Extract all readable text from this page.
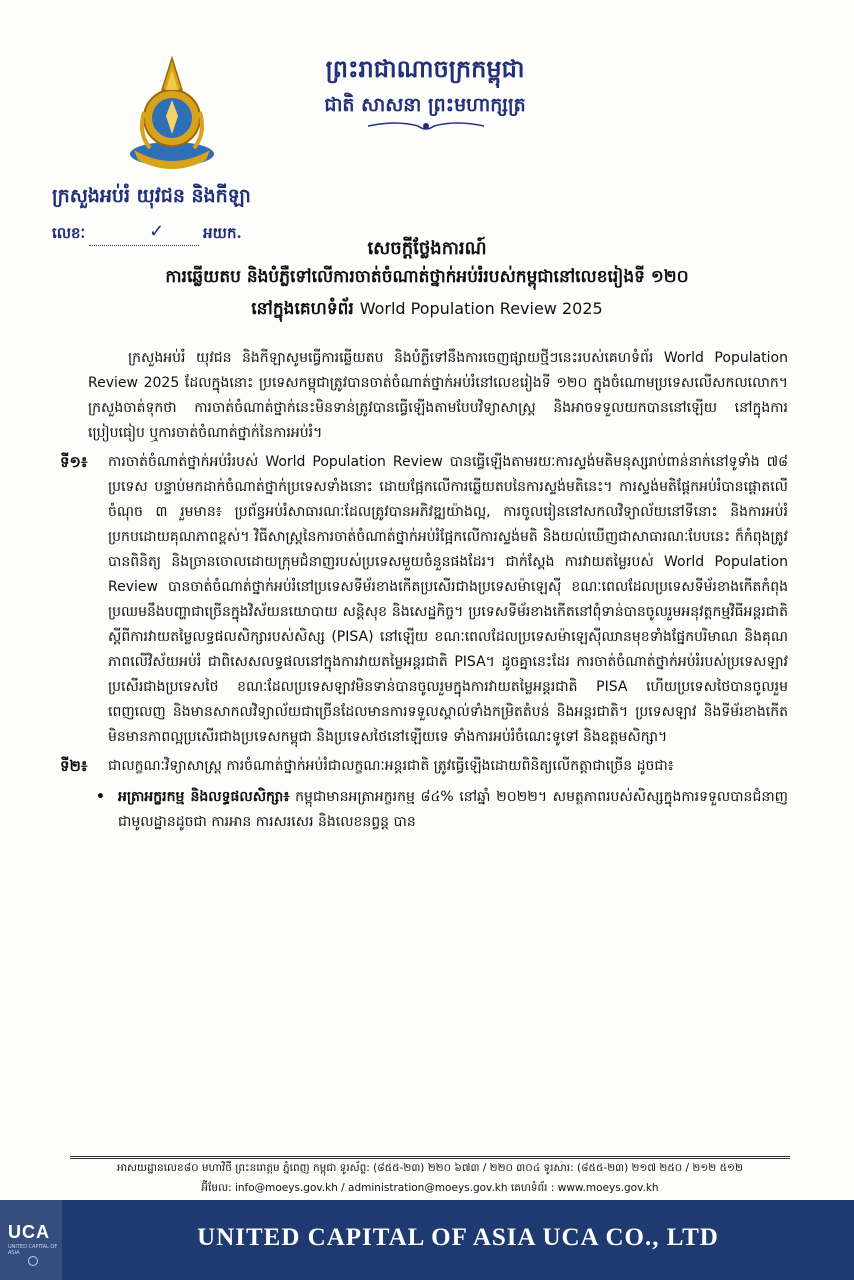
ព្រះរាជាណាចក្រកម្ពុជា
ជាតិ សាសនា ព្រះមហាក្សត្រ
ក្រសួងអប់រំ យុវជន និងកីឡា
លេខៈ	✓	អយក.
សេចក្ដីថ្លែងការណ៍
ការឆ្លើយតប និងបំភ្លឺទៅលើការចាត់ចំណាត់ថ្នាក់អប់រំរបស់កម្ពុជានៅលេខរៀងទី ១២០
នៅក្នុងគេហទំព័រ World Population Review 2025

ក្រសួងអប់រំ យុវជន និងកីឡាសូមធ្វើការឆ្លើយតប និងបំភ្លឺទៅនឹងការចេញផ្សាយថ្មីៗនេះរបស់គេហទំព័រ World Population Review 2025 ដែលក្នុងនោះ ប្រទេសកម្ពុជាត្រូវបានចាត់ចំណាត់ថ្នាក់អប់រំនៅលេខរៀងទី ១២០ ក្នុងចំណោមប្រទេសលើសកលលោក។ ក្រសួងចាត់ទុកថា ការចាត់ចំណាត់ថ្នាក់នេះមិនទាន់ត្រូវបានធ្វើឡើងតាមបែបវិទ្យាសាស្ត្រ និងអាចទទួលយកបាននៅឡើយ នៅក្នុងការប្រៀបធៀប ឬការចាត់ចំណាត់ថ្នាក់នៃការអប់រំ។

ទី១៖ ការចាត់ចំណាត់ថ្នាក់អប់រំរបស់ World Population Review បានធ្វើឡើងតាមរយៈការស្ទង់មតិមនុស្សរាប់ពាន់នាក់នៅទូទាំង ៧៨ ប្រទេស បន្ទាប់មកដាក់ចំណាត់ថ្នាក់ប្រទេសទាំងនោះ ដោយផ្អែកលើការឆ្លើយតបនៃការស្ទង់មតិនេះ។ ការស្ទង់មតិផ្តែកអប់រំបានផ្តោតលើចំណុច ៣ រួមមាន៖ ប្រព័ន្ធអប់រំសាធារណៈដែលត្រូវបានអភិវឌ្ឍយ៉ាងល្អ, ការចូលរៀននៅសកលវិទ្យាល័យនៅទីនោះ និងការអប់រំប្រកបដោយគុណភាពខ្ពស់។ វិធីសាស្ត្រនៃការចាត់ចំណាត់ថ្នាក់អប់រំផ្អែកលើការស្ទង់មតិ និងយល់ឃើញជាសាធារណៈបែបនេះ ក៏កំពុងត្រូវបានពិនិត្យ និងច្រានចោលដោយក្រុមជំនាញរបស់ប្រទេសមួយចំនួនផងដែរ។ ជាក់ស្តែង ការវាយតម្លៃរបស់ World Population Review បានចាត់ចំណាត់ថ្នាក់អប់រំនៅប្រទេសទីម័រខាងកើតប្រសើរជាងប្រទេសម៉ាឡេស៊ី ខណៈពេលដែលប្រទេសទីម័រខាងកើតកំពុងប្រឈមនឹងបញ្ហាជាច្រើនក្នុងវិស័យនយោបាយ សន្តិសុខ និងសេដ្ឋកិច្ច។ ប្រទេសទីម័រខាងកើតនៅពុំទាន់បានចូលរួមអនុវត្តកម្មវិធីអន្តរជាតិស្តីពីការវាយតម្លៃលទ្ធផលសិក្សារបស់សិស្ស (PISA) នៅឡើយ ខណៈពេលដែលប្រទេសម៉ាឡេស៊ីឈានមុខទាំងផ្នែកបរិមាណ និងគុណភាពលើវិស័យអប់រំ ជាពិសេសលទ្ធផលនៅក្នុងការវាយតម្លៃអន្តរជាតិ PISA។ ដូចគ្នានេះដែរ ការចាត់ចំណាត់ថ្នាក់អប់រំរបស់ប្រទេសឡាវប្រសើរជាងប្រទេសថៃ ខណៈដែលប្រទេសឡាវមិនទាន់បានចូលរួមក្នុងការវាយតម្លៃអន្តរជាតិ PISA ហើយប្រទេសថៃបានចូលរួមពេញលេញ និងមានសាកលវិទ្យាល័យជាច្រើនដែលមានការទទួលស្គាល់ទាំងកម្រិតតំបន់ និងអន្តរជាតិ។ ប្រទេសឡាវ និងទីម័រខាងកើត មិនមានភាពល្អប្រសើរជាងប្រទេសកម្ពុជា និងប្រទេសថៃនៅឡើយទេ ទាំងការអប់រំចំណេះទូទៅ និងឧត្តមសិក្សា។

ទី២៖ ជាលក្ខណៈវិទ្យាសាស្ត្រ ការចំណាត់ថ្នាក់អប់រំជាលក្ខណៈអន្តរជាតិ ត្រូវធ្វើឡើងដោយពិនិត្យលើកត្តាជាច្រើន ដូចជា៖

• អត្រាអក្ខរកម្ម និងលទ្ធផលសិក្សា៖ កម្ពុជាមានអត្រាអក្ខរកម្ម ៨៤% នៅឆ្នាំ ២០២២។ សមត្ថភាពរបស់សិស្សក្នុងការទទួលបានជំនាញជាមូលដ្ឋានដូចជា ការអាន ការសរសេរ និងលេខនព្វន្ត បាន
អាសយដ្ឋានលេខ៨០ មហាវិថី ព្រះនរោត្តម ភ្នំពេញ កម្ពុជា ទូរស័ព្ទ: (៨៥៥-២៣) ២២០ ៦៧៣ / ២២០ ៣០៤ ទូរសារ: (៨៥៥-២៣) ២១៧ ២៥០ / ២១២ ៥១២
អ៊ីមែល: info@moeys.gov.kh / administration@moeys.gov.kh គេហទំព័រ : www.moeys.gov.kh
UCA
UNITED CAPITAL OF ASIA
UNITED CAPITAL OF ASIA UCA CO., LTD
